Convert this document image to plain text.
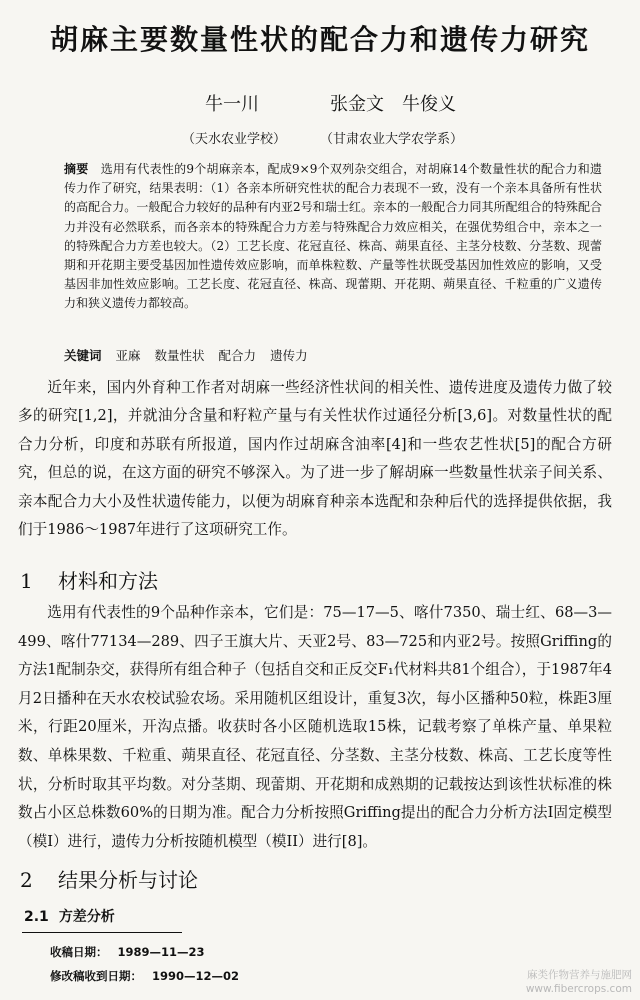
胡麻主要数量性状的配合力和遗传力研究
牛一川	张金文　牛俊义
（天水农业学校）	（甘肃农业大学农学系）
摘要　 选用有代表性的9个胡麻亲本，配成9×9个双列杂交组合，对胡麻14个数量性状的配合力和遗传力作了研究，结果表明：（1）各亲本所研究性状的配合力表现不一致，没有一个亲本具备所有性状的高配合力。一般配合力较好的品种有内亚2号和瑞士红。亲本的一般配合力同其所配组合的特殊配合力并没有必然联系，而各亲本的特殊配合力方差与特殊配合力效应相关，在强优势组合中，亲本之一的特殊配合力方差也较大。（2）工艺长度、花冠直径、株高、蒴果直径、主茎分枝数、分茎数、现蕾期和开花期主要受基因加性遗传效应影响，而单株粒数、产量等性状既受基因加性效应的影响，又受基因非加性效应影响。工艺长度、花冠直径、株高、现蕾期、开花期、蒴果直径、千粒重的广义遗传力和狭义遗传力都较高。
关键词 亚麻 数量性状 配合力 遗传力
近年来，国内外育种工作者对胡麻一些经济性状间的相关性、遗传进度及遗传力做了较多的研究[1,2]，并就油分含量和籽粒产量与有关性状作过通径分析[3,6]。对数量性状的配合力分析，印度和苏联有所报道，国内作过胡麻含油率[4]和一些农艺性状[5]的配合方研究，但总的说，在这方面的研究不够深入。为了进一步了解胡麻一些数量性状亲子间关系、亲本配合力大小及性状遗传能力，以便为胡麻育种亲本选配和杂种后代的选择提供依据，我们于1986～1987年进行了这项研究工作。
1 材料和方法
选用有代表性的9个品种作亲本，它们是：75—17—5、喀什7350、瑞士红、68—3—499、喀什77134—289、四子王旗大片、天亚2号、83—725和内亚2号。按照Griffing的方法1配制杂交，获得所有组合种子（包括自交和正反交F₁代材料共81个组合），于1987年4月2日播种在天水农校试验农场。采用随机区组设计，重复3次，每小区播种50粒，株距3厘米，行距20厘米，开沟点播。收获时各小区随机选取15株，记载考察了单株产量、单果粒数、单株果数、千粒重、蒴果直径、花冠直径、分茎数、主茎分枝数、株高、工艺长度等性状，分析时取其平均数。对分茎期、现蕾期、开花期和成熟期的记载按达到该性状标准的株数占小区总株数60%的日期为准。配合力分析按照Griffing提出的配合力分析方法I固定模型（模I）进行，遗传力分析按随机模型（模II）进行[8]。
2 结果分析与讨论
2.1 方差分析
收稿日期： 1989—11—23
修改稿收到日期： 1990—12—02	麻类作物营养与施肥网
www.fibercrops.com
